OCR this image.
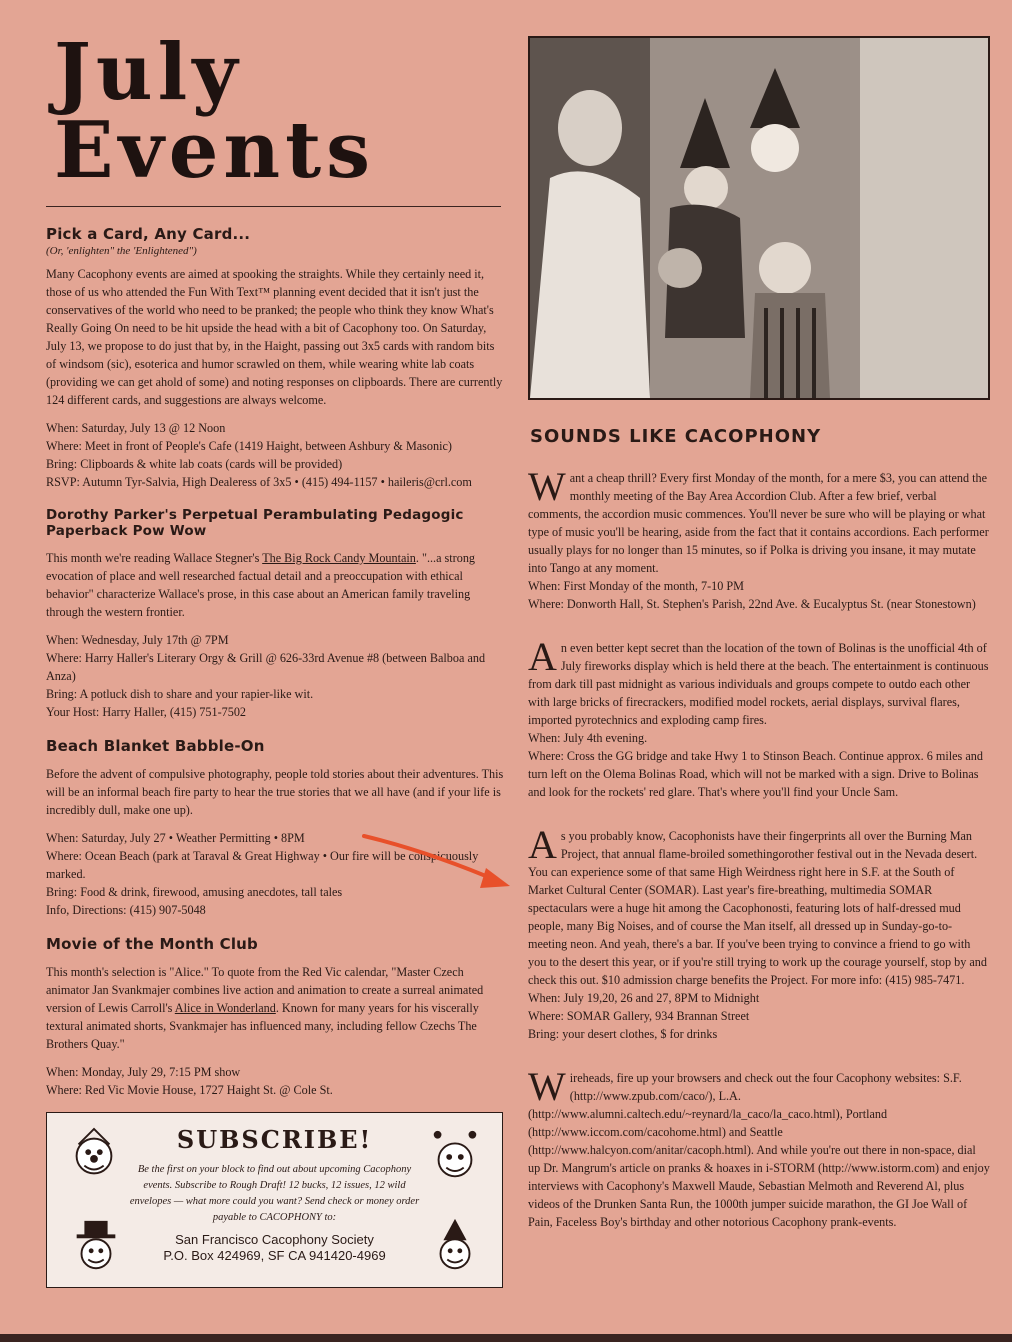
July Events
Pick a Card, Any Card...
(Or, 'enlighten" the 'Enlightened")

Many Cacophony events are aimed at spooking the straights. While they certainly need it, those of us who attended the Fun With Text™ planning event decided that it isn't just the conservatives of the world who need to be pranked; the people who think they know What's Really Going On need to be hit upside the head with a bit of Cacophony too. On Saturday, July 13, we propose to do just that by, in the Haight, passing out 3x5 cards with random bits of windsom (sic), esoterica and humor scrawled on them, while wearing white lab coats (providing we can get ahold of some) and noting responses on clipboards. There are currently 124 different cards, and suggestions are always welcome.

When: Saturday, July 13 @ 12 Noon
Where: Meet in front of People's Cafe (1419 Haight, between Ashbury & Masonic)
Bring: Clipboards & white lab coats (cards will be provided)
RSVP: Autumn Tyr-Salvia, High Dealeress of 3x5 • (415) 494-1157 • haileris@crl.com
Dorothy Parker's Perpetual Perambulating Pedagogic Paperback Pow Wow

This month we're reading Wallace Stegner's The Big Rock Candy Mountain. "...a strong evocation of place and well researched factual detail and a preoccupation with ethical behavior" characterize Wallace's prose, in this case about an American family traveling through the western frontier.

When: Wednesday, July 17th @ 7PM
Where: Harry Haller's Literary Orgy & Grill @ 626-33rd Avenue #8 (between Balboa and Anza)
Bring: A potluck dish to share and your rapier-like wit.
Your Host: Harry Haller, (415) 751-7502
Beach Blanket Babble-On

Before the advent of compulsive photography, people told stories about their adventures. This will be an informal beach fire party to hear the true stories that we all have (and if your life is incredibly dull, make one up).

When: Saturday, July 27 • Weather Permitting • 8PM
Where: Ocean Beach (park at Taraval & Great Highway • Our fire will be conspicuously marked.
Bring: Food & drink, firewood, amusing anecdotes, tall tales
Info, Directions: (415) 907-5048
Movie of the Month Club

This month's selection is "Alice." To quote from the Red Vic calendar, "Master Czech animator Jan Svankmajer combines live action and animation to create a surreal animated version of Lewis Carroll's Alice in Wonderland. Known for many years for his viscerally textural animated shorts, Svankmajer has influenced many, including fellow Czechs The Brothers Quay."

When: Monday, July 29, 7:15 PM show
Where: Red Vic Movie House, 1727 Haight St. @ Cole St.
SUBSCRIBE!
Be the first on your block to find out about upcoming Cacophony events. Subscribe to Rough Draft! 12 bucks, 12 issues, 12 wild envelopes — what more could you want? Send check or money order payable to CACOPHONY to:
San Francisco Cacophony Society
P.O. Box 424969, SF CA 941420-4969
SOUNDS LIKE CACOPHONY
W ant a cheap thrill? Every first Monday of the month, for a mere $3, you can attend the monthly meeting of the Bay Area Accordion Club. After a few brief, verbal comments, the accordion music commences. You'll never be sure who will be playing or what type of music you'll be hearing, aside from the fact that it contains accordions. Each performer usually plays for no longer than 15 minutes, so if Polka is driving you insane, it may mutate into Tango at any moment.
When: First Monday of the month, 7-10 PM
Where: Donworth Hall, St. Stephen's Parish, 22nd Ave. & Eucalyptus St. (near Stonestown)
A n even better kept secret than the location of the town of Bolinas is the unofficial 4th of July fireworks display which is held there at the beach. The entertainment is continuous from dark till past midnight as various individuals and groups compete to outdo each other with large bricks of firecrackers, modified model rockets, aerial displays, survival flares, imported pyrotechnics and exploding camp fires.
When: July 4th evening.
Where: Cross the GG bridge and take Hwy 1 to Stinson Beach. Continue approx. 6 miles and turn left on the Olema Bolinas Road, which will not be marked with a sign. Drive to Bolinas and look for the rockets' red glare. That's where you'll find your Uncle Sam.
A s you probably know, Cacophonists have their fingerprints all over the Burning Man Project, that annual flame-broiled somethingorother festival out in the Nevada desert. You can experience some of that same High Weirdness right here in S.F. at the South of Market Cultural Center (SOMAR). Last year's fire-breathing, multimedia SOMAR spectaculars were a huge hit among the Cacophonosti, featuring lots of half-dressed mud people, many Big Noises, and of course the Man itself, all dressed up in Sunday-go-to-meeting neon. And yeah, there's a bar. If you've been trying to convince a friend to go with you to the desert this year, or if you're still trying to work up the courage yourself, stop by and check this out. $10 admission charge benefits the Project. For more info: (415) 985-7471.
When: July 19,20, 26 and 27, 8PM to Midnight
Where: SOMAR Gallery, 934 Brannan Street
Bring: your desert clothes, $ for drinks
W ireheads, fire up your browsers and check out the four Cacophony websites: S.F. (http://www.zpub.com/caco/), L.A. (http://www.alumni.caltech.edu/~reynard/la_caco/la_caco.html), Portland (http://www.iccom.com/cacohome.html) and Seattle (http://www.halcyon.com/anitar/cacoph.html). And while you're out there in non-space, dial up Dr. Mangrum's article on pranks & hoaxes in i-STORM (http://www.istorm.com) and enjoy interviews with Cacophony's Maxwell Maude, Sebastian Melmoth and Reverend Al, plus videos of the Drunken Santa Run, the 1000th jumper suicide marathon, the GI Joe Wall of Pain, Faceless Boy's birthday and other notorious Cacophony prank-events.
